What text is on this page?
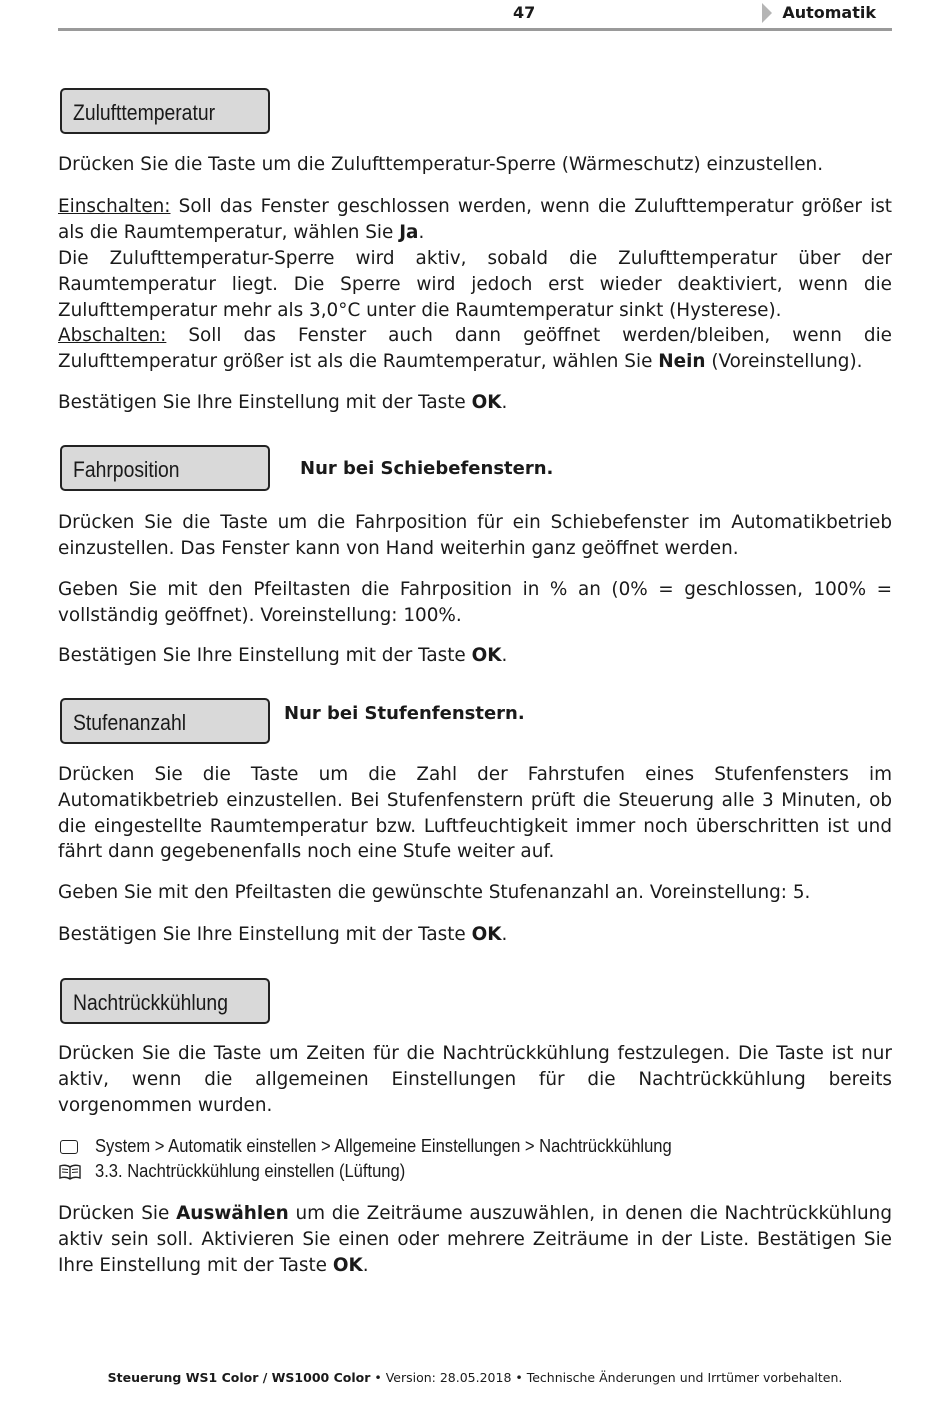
47	Automatik
Zulufttemperatur

Drücken Sie die Taste um die Zulufttemperatur-Sperre (Wärmeschutz) einzustellen.

Einschalten: Soll das Fenster geschlossen werden, wenn die Zulufttemperatur größer ist als die Raumtemperatur, wählen Sie Ja.

Die Zulufttemperatur-Sperre wird aktiv, sobald die Zulufttemperatur über der Raumtemperatur liegt. Die Sperre wird jedoch erst wieder deaktiviert, wenn die Zulufttemperatur mehr als 3,0°C unter die Raumtemperatur sinkt (Hysterese).

Abschalten: Soll das Fenster auch dann geöffnet werden/bleiben, wenn die Zulufttemperatur größer ist als die Raumtemperatur, wählen Sie Nein (Voreinstellung).

Bestätigen Sie Ihre Einstellung mit der Taste OK.

Fahrposition	Nur bei Schiebefenstern.

Drücken Sie die Taste um die Fahrposition für ein Schiebefenster im Automatikbetrieb einzustellen. Das Fenster kann von Hand weiterhin ganz geöffnet werden.

Geben Sie mit den Pfeiltasten die Fahrposition in % an (0% = geschlossen, 100% = vollständig geöffnet). Voreinstellung: 100%.

Bestätigen Sie Ihre Einstellung mit der Taste OK.

Stufenanzahl	Nur bei Stufenfenstern.

Drücken Sie die Taste um die Zahl der Fahrstufen eines Stufenfensters im Automatikbetrieb einzustellen. Bei Stufenfenstern prüft die Steuerung alle 3 Minuten, ob die eingestellte Raumtemperatur bzw. Luftfeuchtigkeit immer noch überschritten ist und fährt dann gegebenenfalls noch eine Stufe weiter auf.

Geben Sie mit den Pfeiltasten die gewünschte Stufenanzahl an. Voreinstellung: 5.

Bestätigen Sie Ihre Einstellung mit der Taste OK.

Nachtrückkühlung

Drücken Sie die Taste um Zeiten für die Nachtrückkühlung festzulegen. Die Taste ist nur aktiv, wenn die allgemeinen Einstellungen für die Nachtrückkühlung bereits vorgenommen wurden.

System > Automatik einstellen > Allgemeine Einstellungen > Nachtrückkühlung
3.3. Nachtrückkühlung einstellen (Lüftung)

Drücken Sie Auswählen um die Zeiträume auszuwählen, in denen die Nachtrückkühlung aktiv sein soll. Aktivieren Sie einen oder mehrere Zeiträume in der Liste. Bestätigen Sie Ihre Einstellung mit der Taste OK.

Steuerung WS1 Color / WS1000 Color • Version: 28.05.2018 • Technische Änderungen und Irrtümer vorbehalten.
